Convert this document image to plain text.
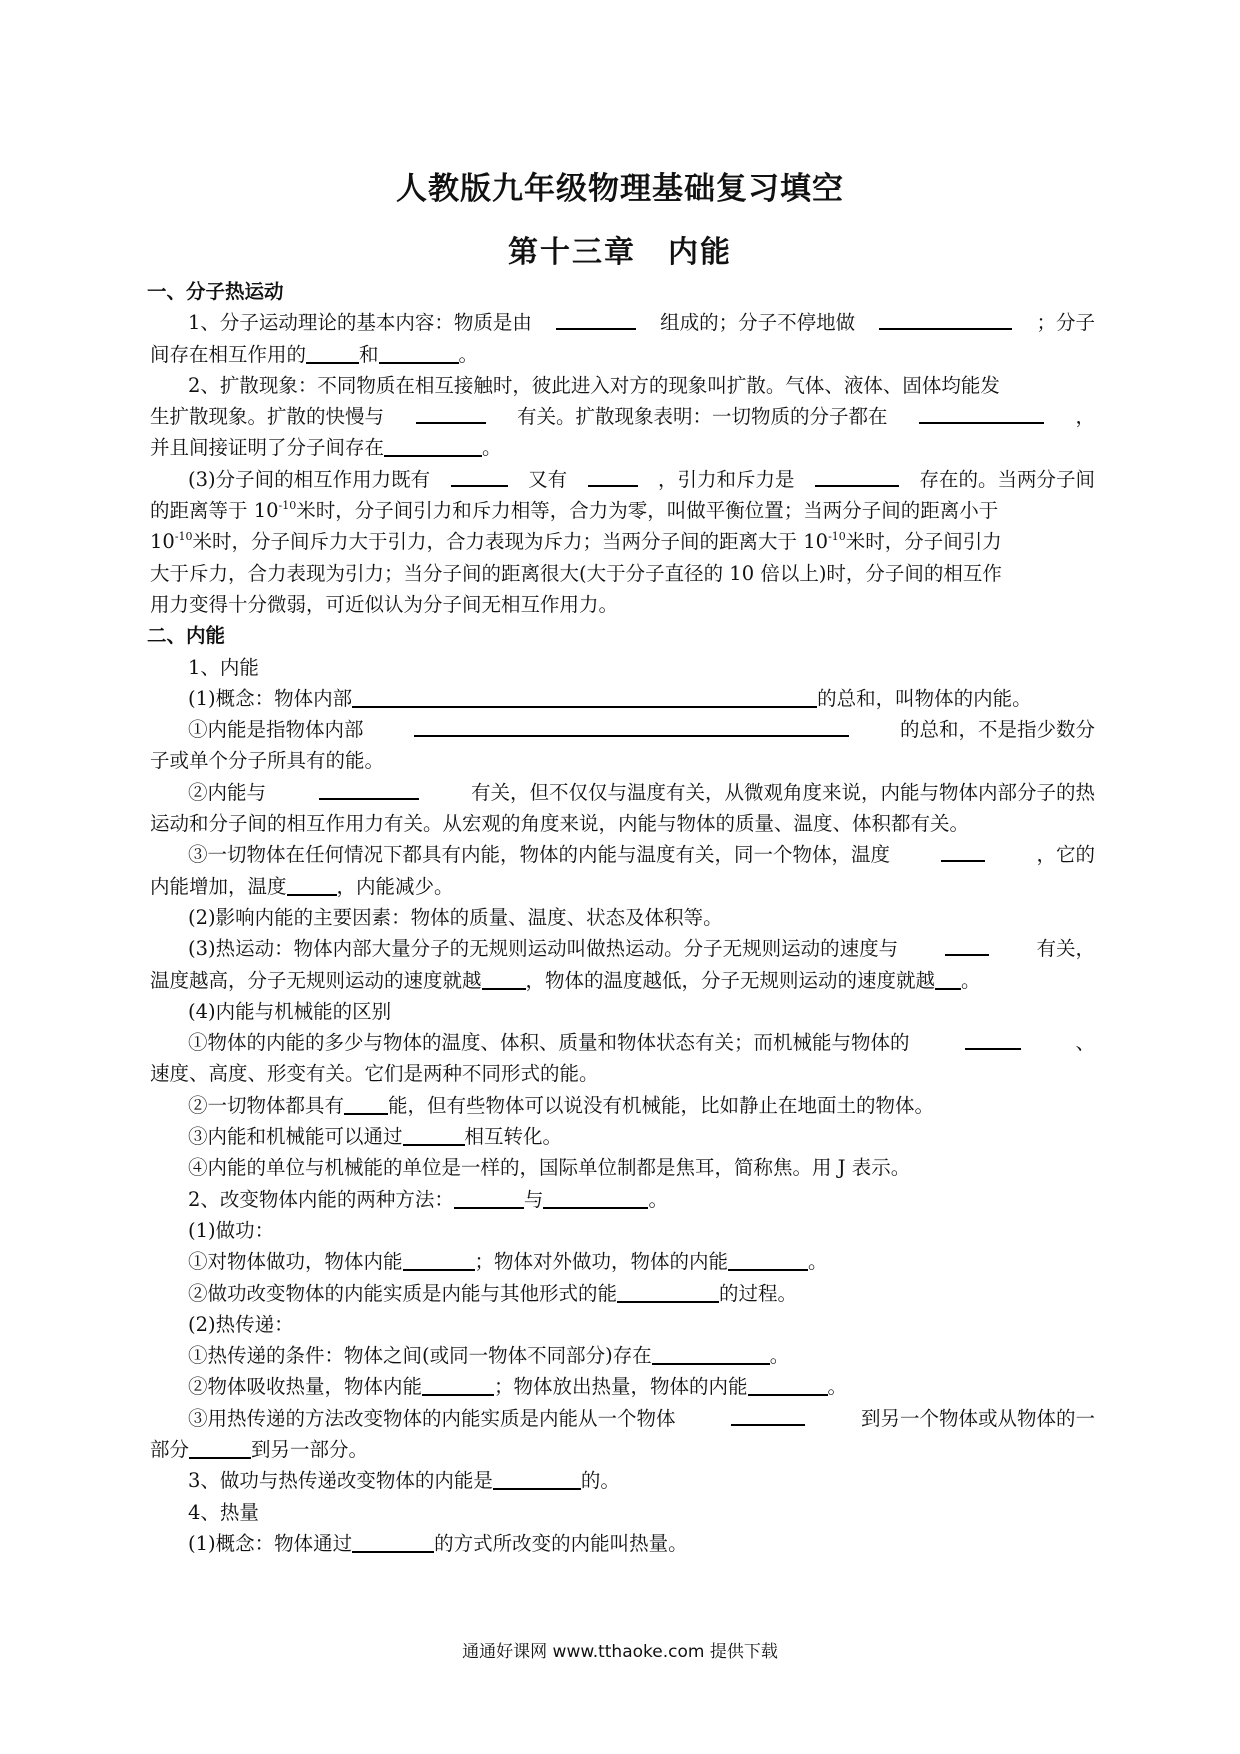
人教版九年级物理基础复习填空
第十三章　内能
一、分子热运动
1、分子运动理论的基本内容：物质是由	组成的；分子不停地做	；分子
间存在相互作用的	和	。
2、扩散现象：不同物质在相互接触时，彼此进入对方的现象叫扩散。气体、液体、固体均能发
生扩散现象。扩散的快慢与	有关。扩散现象表明：一切物质的分子都在	，
并且间接证明了分子间存在	。
(3)分子间的相互作用力既有	又有	，引力和斥力是	存在的。当两分子间
的距离等于 $10^{-10}$米时，分子间引力和斥力相等，合力为零，叫做平衡位置；当两分子间的距离小于
$10^{-10}$米时，分子间斥力大于引力，合力表现为斥力；当两分子间的距离大于 $10^{-10}$米时，分子间引力
大于斥力，合力表现为引力；当分子间的距离很大(大于分子直径的 10 倍以上)时，分子间的相互作
用力变得十分微弱，可近似认为分子间无相互作用力。
二、内能
1、内能
(1)概念：物体内部	的总和，叫物体的内能。
①内能是指物体内部	的总和，不是指少数分
子或单个分子所具有的能。
②内能与	有关，但不仅仅与温度有关，从微观角度来说，内能与物体内部分子的热
运动和分子间的相互作用力有关。从宏观的角度来说，内能与物体的质量、温度、体积都有关。
③一切物体在任何情况下都具有内能，物体的内能与温度有关，同一个物体，温度	，它的
内能增加，温度	，内能减少。
(2)影响内能的主要因素：物体的质量、温度、状态及体积等。
(3)热运动：物体内部大量分子的无规则运动叫做热运动。分子无规则运动的速度与	有关，
温度越高，分子无规则运动的速度就越 ，物体的温度越低，分子无规则运动的速度就越 。
(4)内能与机械能的区别
①物体的内能的多少与物体的温度、体积、质量和物体状态有关；而机械能与物体的	、
速度、高度、形变有关。它们是两种不同形式的能。
②一切物体都具有 能，但有些物体可以说没有机械能，比如静止在地面土的物体。
③内能和机械能可以通过	相互转化。
④内能的单位与机械能的单位是一样的，国际单位制都是焦耳，简称焦。用 J 表示。
2、改变物体内能的两种方法：	与	。
(1)做功：
①对物体做功，物体内能	；物体对外做功，物体的内能	。
②做功改变物体的内能实质是内能与其他形式的能	的过程。
(2)热传递：
①热传递的条件：物体之间(或同一物体不同部分)存在	。
②物体吸收热量，物体内能	；物体放出热量，物体的内能	。
③用热传递的方法改变物体的内能实质是内能从一个物体	到另一个物体或从物体的一
部分	到另一部分。
3、做功与热传递改变物体的内能是	的。
4、热量
(1)概念：物体通过	的方式所改变的内能叫热量。
通通好课网 www.tthaoke.com 提供下载
